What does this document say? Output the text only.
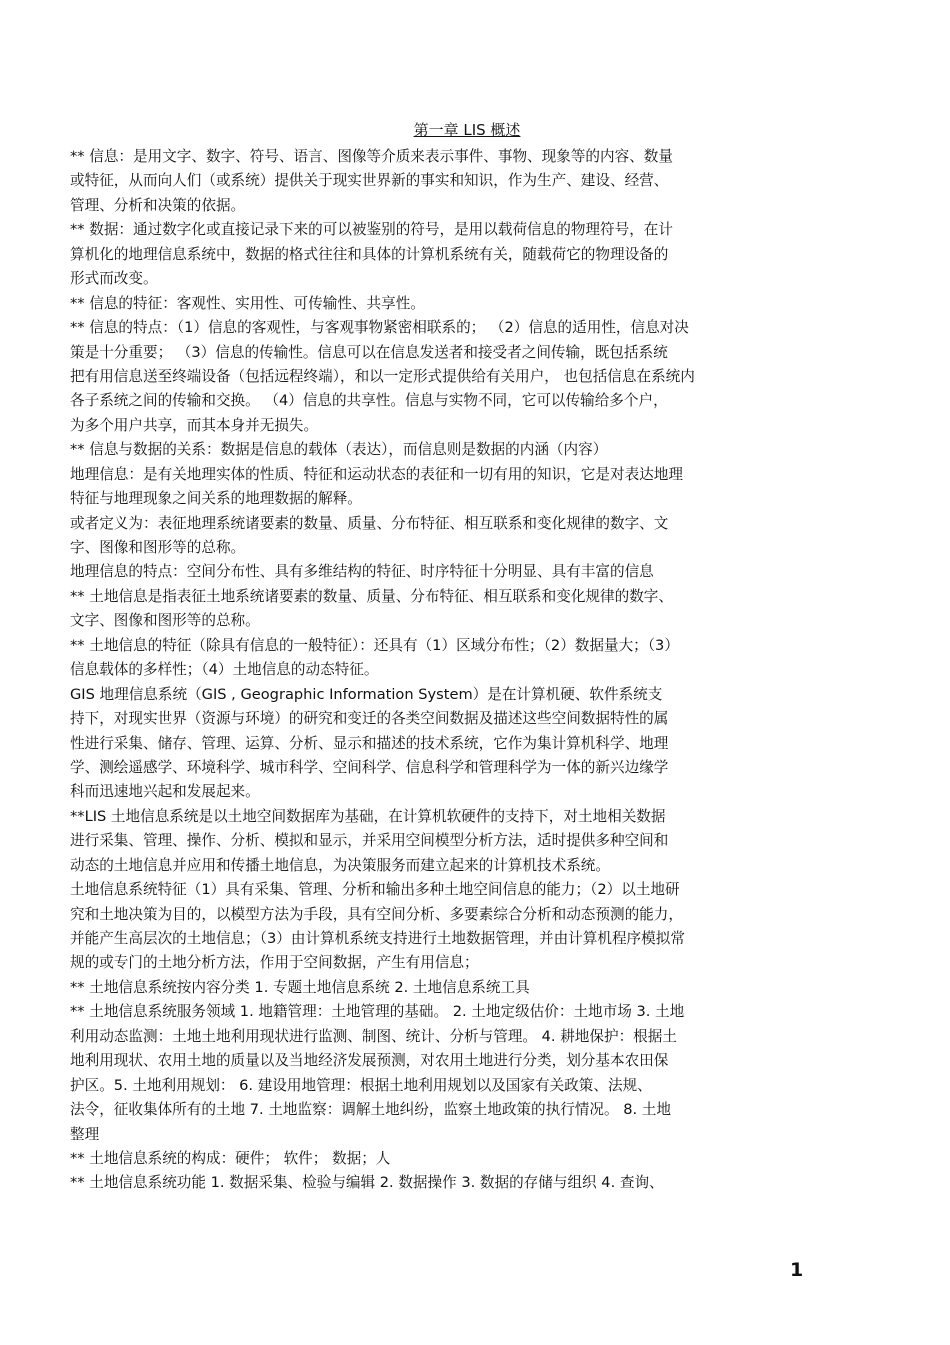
第一章 LIS 概述
** 信息：是用文字、数字、符号、语言、图像等介质来表示事件、事物、现象等的内容、数量
或特征，从而向人们（或系统）提供关于现实世界新的事实和知识，作为生产、建设、经营、
管理、分析和决策的依据。
** 数据：通过数字化或直接记录下来的可以被鉴别的符号，是用以载荷信息的物理符号，在计
算机化的地理信息系统中，数据的格式往往和具体的计算机系统有关，随载荷它的物理设备的
形式而改变。
** 信息的特征：客观性、实用性、可传输性、共享性。
** 信息的特点：（1）信息的客观性，与客观事物紧密相联系的； （2）信息的适用性，信息对决
策是十分重要； （3）信息的传输性。信息可以在信息发送者和接受者之间传输，既包括系统
把有用信息送至终端设备（包括远程终端），和以一定形式提供给有关用户， 也包括信息在系统内
各子系统之间的传输和交换。 （4）信息的共享性。信息与实物不同，它可以传输给多个户，
为多个用户共享，而其本身并无损失。
** 信息与数据的关系：数据是信息的载体（表达），而信息则是数据的内涵（内容）
地理信息：是有关地理实体的性质、特征和运动状态的表征和一切有用的知识，它是对表达地理
特征与地理现象之间关系的地理数据的解释。
或者定义为：表征地理系统诸要素的数量、质量、分布特征、相互联系和变化规律的数字、文
字、图像和图形等的总称。
地理信息的特点：空间分布性、具有多维结构的特征、时序特征十分明显、具有丰富的信息
** 土地信息是指表征土地系统诸要素的数量、质量、分布特征、相互联系和变化规律的数字、
文字、图像和图形等的总称。
** 土地信息的特征（除具有信息的一般特征）：还具有（1）区域分布性；（2）数据量大；（3）
信息载体的多样性；（4）土地信息的动态特征。
GIS 地理信息系统（GIS , Geographic Information System）是在计算机硬、软件系统支
持下，对现实世界（资源与环境）的研究和变迁的各类空间数据及描述这些空间数据特性的属
性进行采集、储存、管理、运算、分析、显示和描述的技术系统，它作为集计算机科学、地理
学、测绘遥感学、环境科学、城市科学、空间科学、信息科学和管理科学为一体的新兴边缘学
科而迅速地兴起和发展起来。
**LIS 土地信息系统是以土地空间数据库为基础，在计算机软硬件的支持下，对土地相关数据
进行采集、管理、操作、分析、模拟和显示，并采用空间模型分析方法，适时提供多种空间和
动态的土地信息并应用和传播土地信息，为决策服务而建立起来的计算机技术系统。
土地信息系统特征（1）具有采集、管理、分析和输出多种土地空间信息的能力；（2）以土地研
究和土地决策为目的，以模型方法为手段，具有空间分析、多要素综合分析和动态预测的能力，
并能产生高层次的土地信息；（3）由计算机系统支持进行土地数据管理，并由计算机程序模拟常
规的或专门的土地分析方法，作用于空间数据，产生有用信息；
** 土地信息系统按内容分类 1. 专题土地信息系统 2. 土地信息系统工具
** 土地信息系统服务领域 1. 地籍管理：土地管理的基础。 2. 土地定级估价：土地市场 3. 土地
利用动态监测：土地土地利用现状进行监测、制图、统计、分析与管理。 4. 耕地保护：根据土
地利用现状、农用土地的质量以及当地经济发展预测，对农用土地进行分类，划分基本农田保
护区。5. 土地利用规划： 6. 建设用地管理：根据土地利用规划以及国家有关政策、法规、
法令，征收集体所有的土地 7. 土地监察：调解土地纠纷，监察土地政策的执行情况。 8. 土地
整理
** 土地信息系统的构成：硬件； 软件； 数据；人
** 土地信息系统功能 1. 数据采集、检验与编辑 2. 数据操作 3. 数据的存储与组织 4. 查询、
1
